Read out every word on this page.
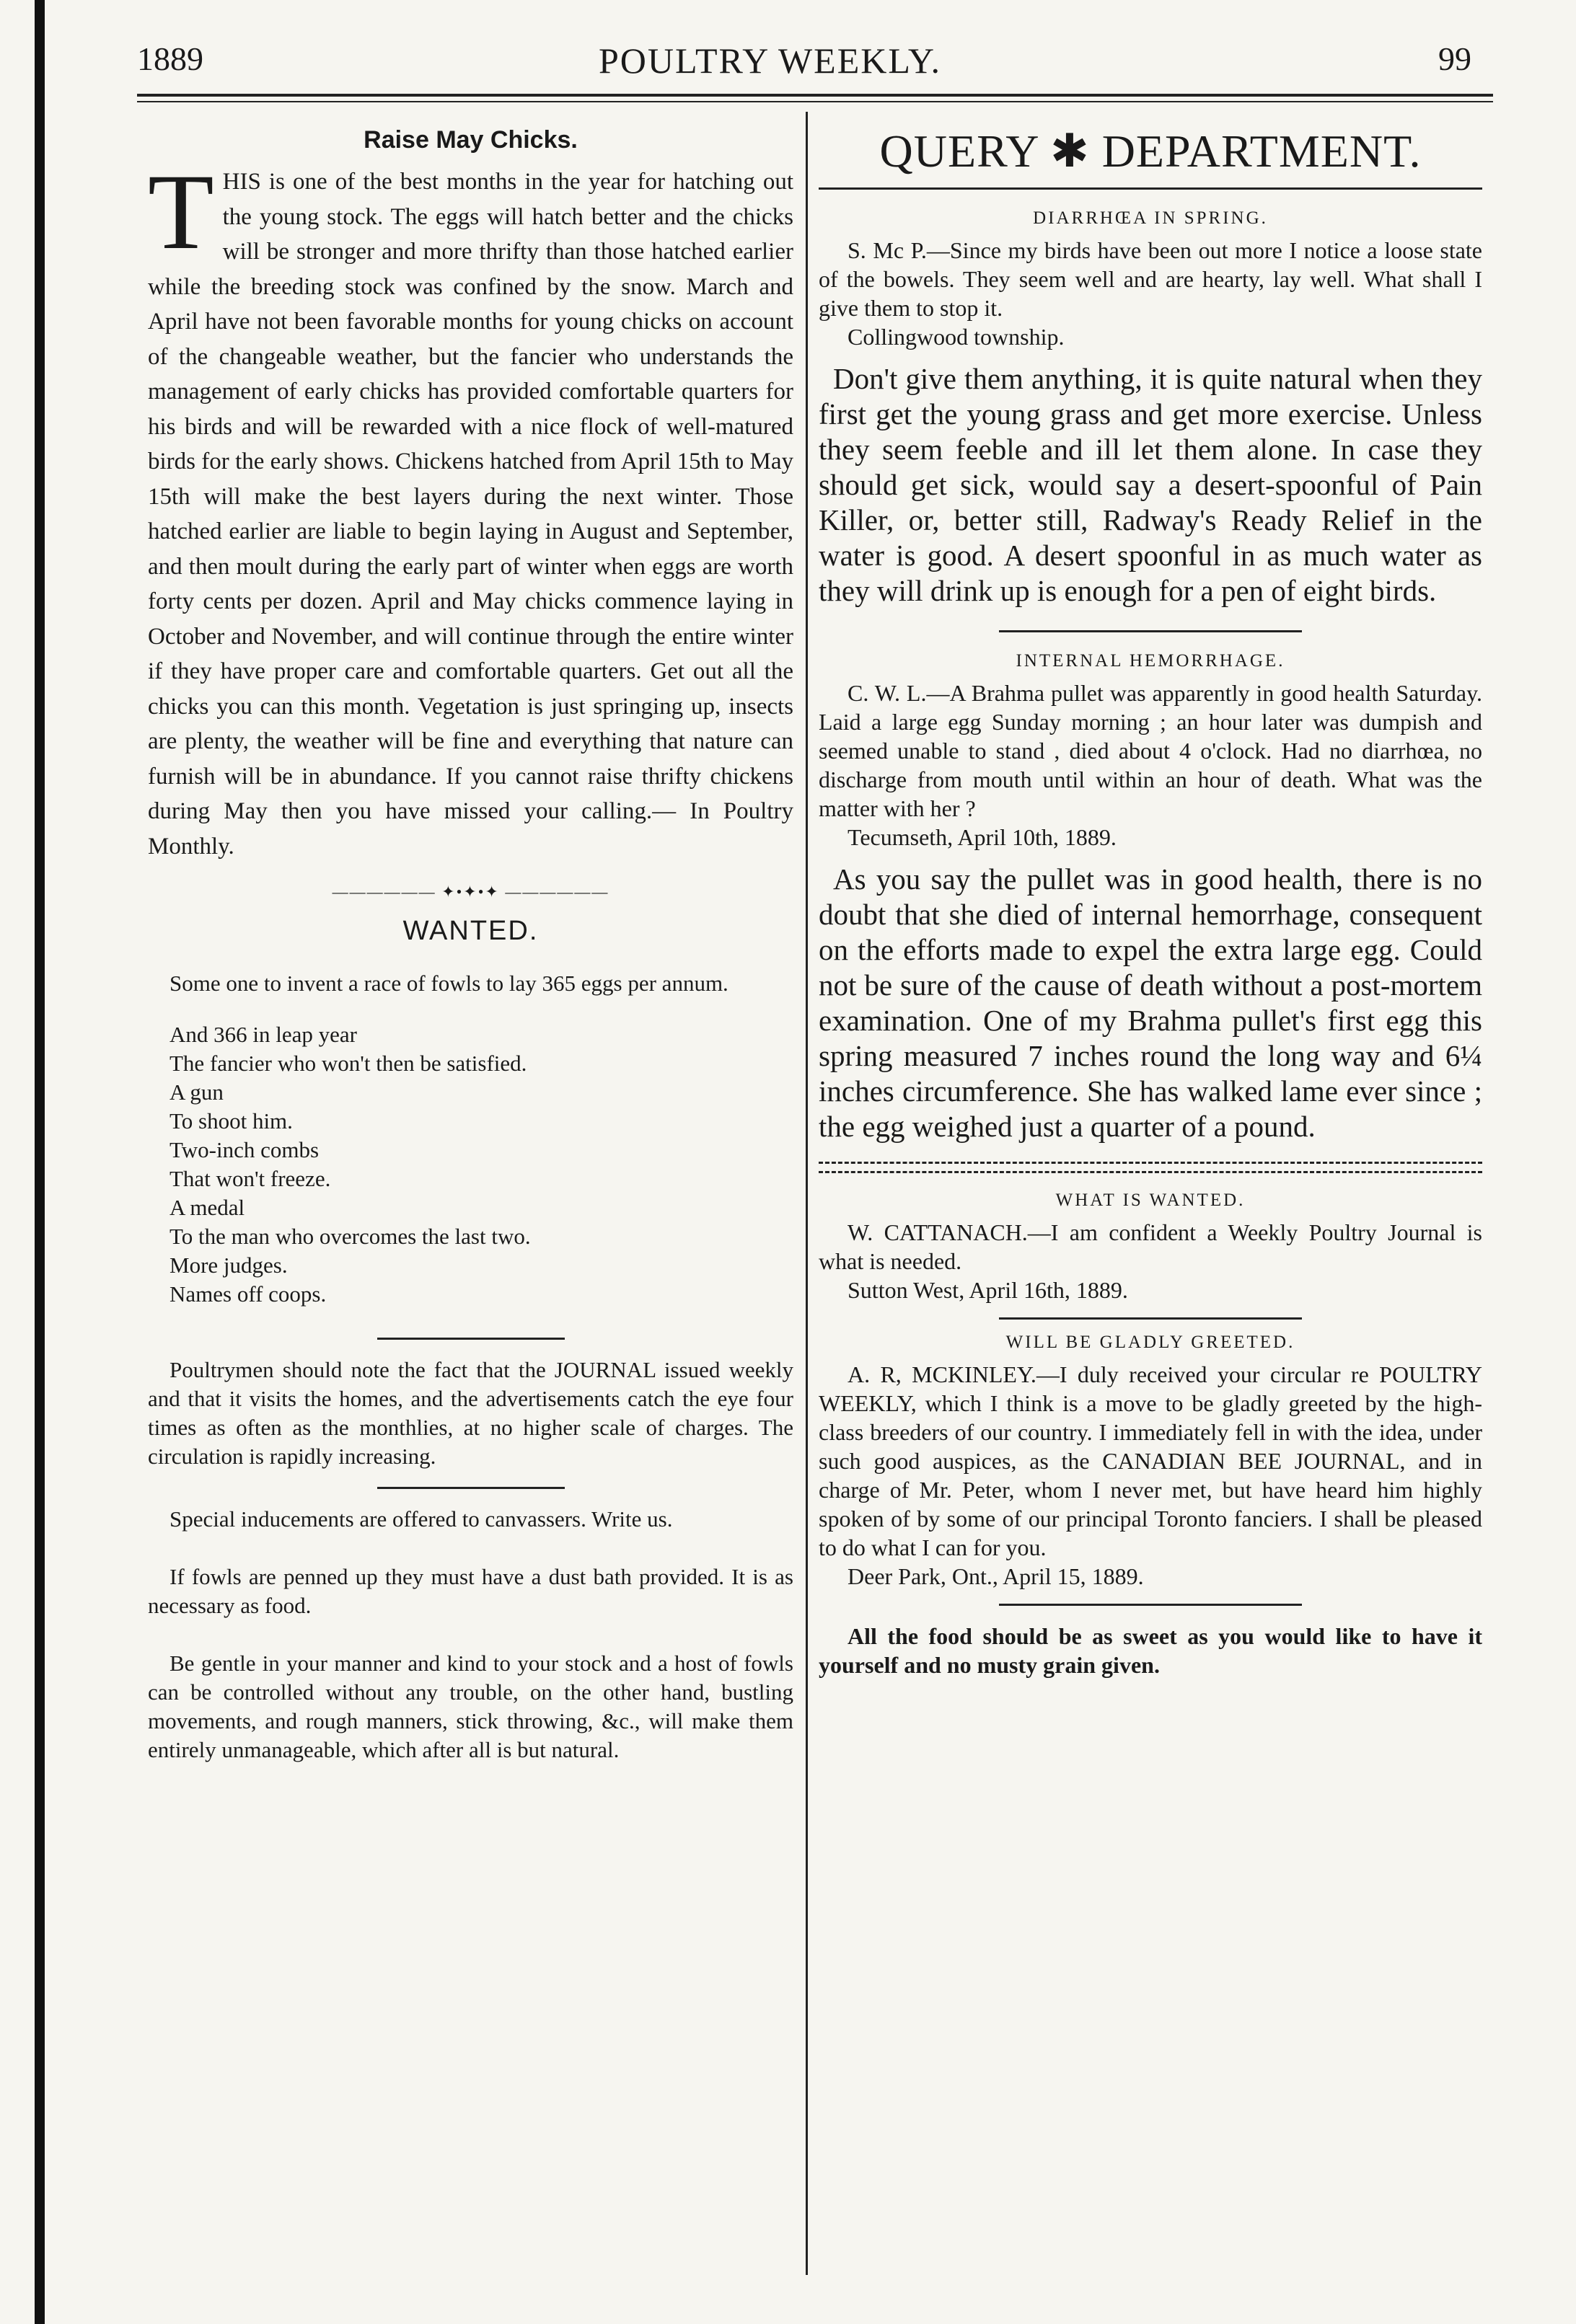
1889	POULTRY WEEKLY.	99
Raise May Chicks.

THIS is one of the best months in the year for hatching out the young stock. The eggs will hatch better and the chicks will be stronger and more thrifty than those hatched earlier while the breeding stock was confined by the snow. March and April have not been favorable months for young chicks on account of the changeable weather, but the fancier who understands the management of early chicks has provided comfortable quarters for his birds and will be rewarded with a nice flock of well-matured birds for the early shows. Chickens hatched from April 15th to May 15th will make the best layers during the next winter. Those hatched earlier are liable to begin laying in August and September, and then moult during the early part of winter when eggs are worth forty cents per dozen. April and May chicks commence laying in October and November, and will continue through the entire winter if they have proper care and comfortable quarters. Get out all the chicks you can this month. Vegetation is just springing up, insects are plenty, the weather will be fine and everything that nature can furnish will be in abundance. If you cannot raise thrifty chickens during May then you have missed your calling.— In Poultry Monthly.

—————— ✦•✦•✦ ——————
WANTED.

Some one to invent a race of fowls to lay 365 eggs per annum.

And 366 in leap year
The fancier who won't then be satisfied.
A gun
To shoot him.
Two-inch combs
That won't freeze.
A medal
To the man who overcomes the last two.
More judges.
Names off coops.

Poultrymen should note the fact that the JOURNAL issued weekly and that it visits the homes, and the advertisements catch the eye four times as often as the monthlies, at no higher scale of charges. The circulation is rapidly increasing.

Special inducements are offered to canvassers. Write us.

If fowls are penned up they must have a dust bath provided. It is as necessary as food.

Be gentle in your manner and kind to your stock and a host of fowls can be controlled without any trouble, on the other hand, bustling movements, and rough manners, stick throwing, &c., will make them entirely unmanageable, which after all is but natural.

QUERY ✱ DEPARTMENT.
DIARRHŒA IN SPRING.

S. Mc P.—Since my birds have been out more I notice a loose state of the bowels. They seem well and are hearty, lay well. What shall I give them to stop it.

Collingwood township.

Don't give them anything, it is quite natural when they first get the young grass and get more exercise. Unless they seem feeble and ill let them alone. In case they should get sick, would say a desert-spoonful of Pain Killer, or, better still, Radway's Ready Relief in the water is good. A desert spoonful in as much water as they will drink up is enough for a pen of eight birds.

INTERNAL HEMORRHAGE.

C. W. L.—A Brahma pullet was apparently in good health Saturday. Laid a large egg Sunday morning ; an hour later was dumpish and seemed unable to stand , died about 4 o'clock. Had no diarrhœa, no discharge from mouth until within an hour of death. What was the matter with her ?

Tecumseth, April 10th, 1889.

As you say the pullet was in good health, there is no doubt that she died of internal hemorrhage, consequent on the efforts made to expel the extra large egg. Could not be sure of the cause of death without a post-mortem examination. One of my Brahma pullet's first egg this spring measured 7 inches round the long way and 6¼ inches circumference. She has walked lame ever since ; the egg weighed just a quarter of a pound.

WHAT IS WANTED.

W. CATTANACH.—I am confident a Weekly Poultry Journal is what is needed.

Sutton West, April 16th, 1889.
WILL BE GLADLY GREETED.

A. R, MCKINLEY.—I duly received your circular re POULTRY WEEKLY, which I think is a move to be gladly greeted by the high-class breeders of our country. I immediately fell in with the idea, under such good auspices, as the CANADIAN BEE JOURNAL, and in charge of Mr. Peter, whom I never met, but have heard him highly spoken of by some of our principal Toronto fanciers. I shall be pleased to do what I can for you.

Deer Park, Ont., April 15, 1889.

All the food should be as sweet as you would like to have it yourself and no musty grain given.
